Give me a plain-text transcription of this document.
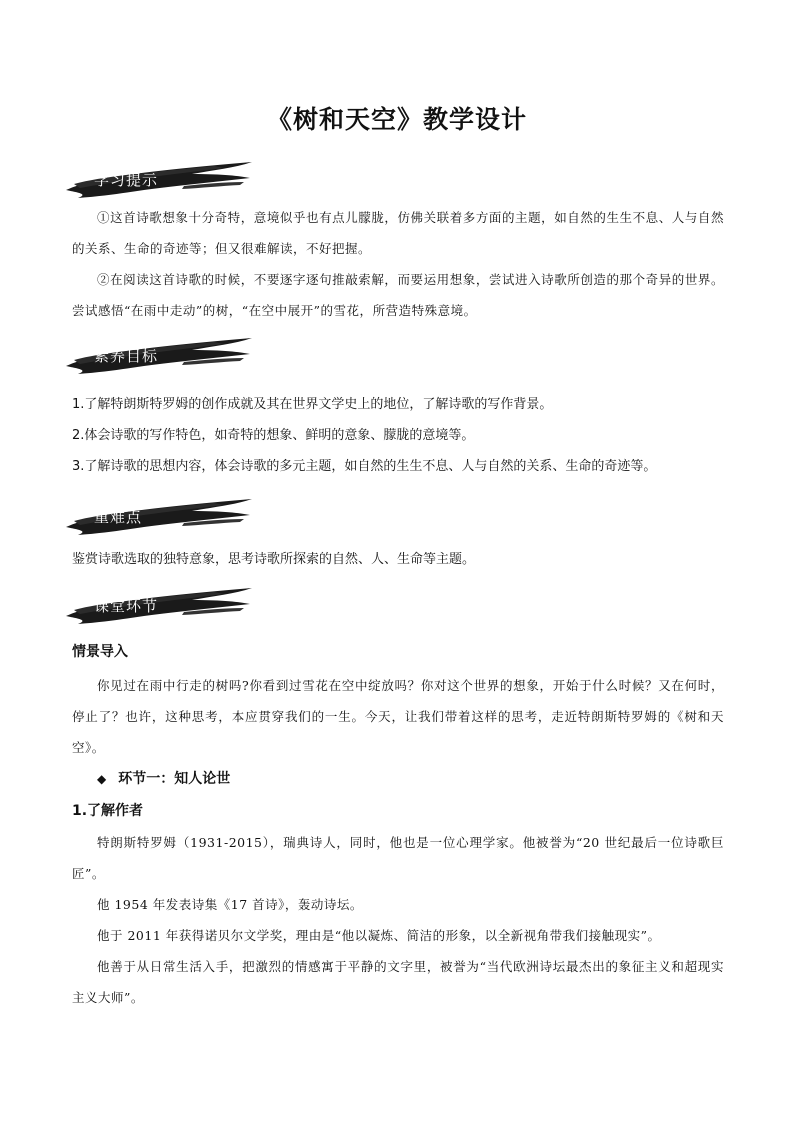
《树和天空》教学设计
学习提示
①这首诗歌想象十分奇特，意境似乎也有点儿朦胧，仿佛关联着多方面的主题，如自然的生生不息、人与自然的关系、生命的奇迹等；但又很难解读，不好把握。
②在阅读这首诗歌的时候，不要逐字逐句推敲索解，而要运用想象，尝试进入诗歌所创造的那个奇异的世界。尝试感悟“在雨中走动”的树，“在空中展开”的雪花，所营造特殊意境。
素养目标
1.了解特朗斯特罗姆的创作成就及其在世界文学史上的地位，了解诗歌的写作背景。
2.体会诗歌的写作特色，如奇特的想象、鲜明的意象、朦胧的意境等。
3.了解诗歌的思想内容，体会诗歌的多元主题，如自然的生生不息、人与自然的关系、生命的奇迹等。
重难点
鉴赏诗歌选取的独特意象，思考诗歌所探索的自然、人、生命等主题。
课堂环节
情景导入
你见过在雨中行走的树吗?你看到过雪花在空中绽放吗？你对这个世界的想象，开始于什么时候？又在何时，停止了？也许，这种思考，本应贯穿我们的一生。今天，让我们带着这样的思考，走近特朗斯特罗姆的《树和天空》。
◆ 环节一：知人论世
1.了解作者
特朗斯特罗姆（1931-2015），瑞典诗人，同时，他也是一位心理学家。他被誉为“20 世纪最后一位诗歌巨匠”。
他 1954 年发表诗集《17 首诗》，轰动诗坛。
他于 2011 年获得诺贝尔文学奖，理由是“他以凝炼、简洁的形象，以全新视角带我们接触现实”。
他善于从日常生活入手，把激烈的情感寓于平静的文字里，被誉为“当代欧洲诗坛最杰出的象征主义和超现实主义大师”。
